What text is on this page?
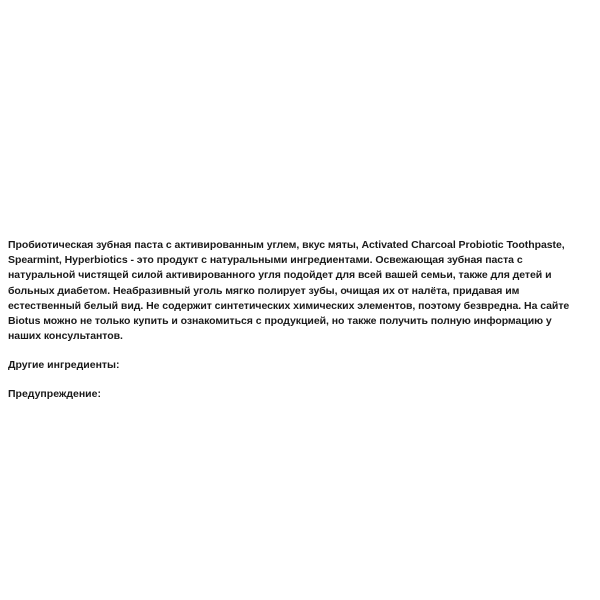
Пробиотическая зубная паста с активированным углем, вкус мяты, Activated Charcoal Probiotic Toothpaste, Spearmint, Hyperbiotics - это продукт с натуральными ингредиентами. Освежающая зубная паста с натуральной чистящей силой активированного угля подойдет для всей вашей семьи, также для детей и больных диабетом. Неабразивный уголь мягко полирует зубы, очищая их от налёта, придавая им естественный белый вид. Не содержит синтетических химических элементов, поэтому безвредна. На сайте Biotus можно не только купить и ознакомиться с продукцией, но также получить полную информацию у наших консультантов.

Другие ингредиенты:

Предупреждение:
